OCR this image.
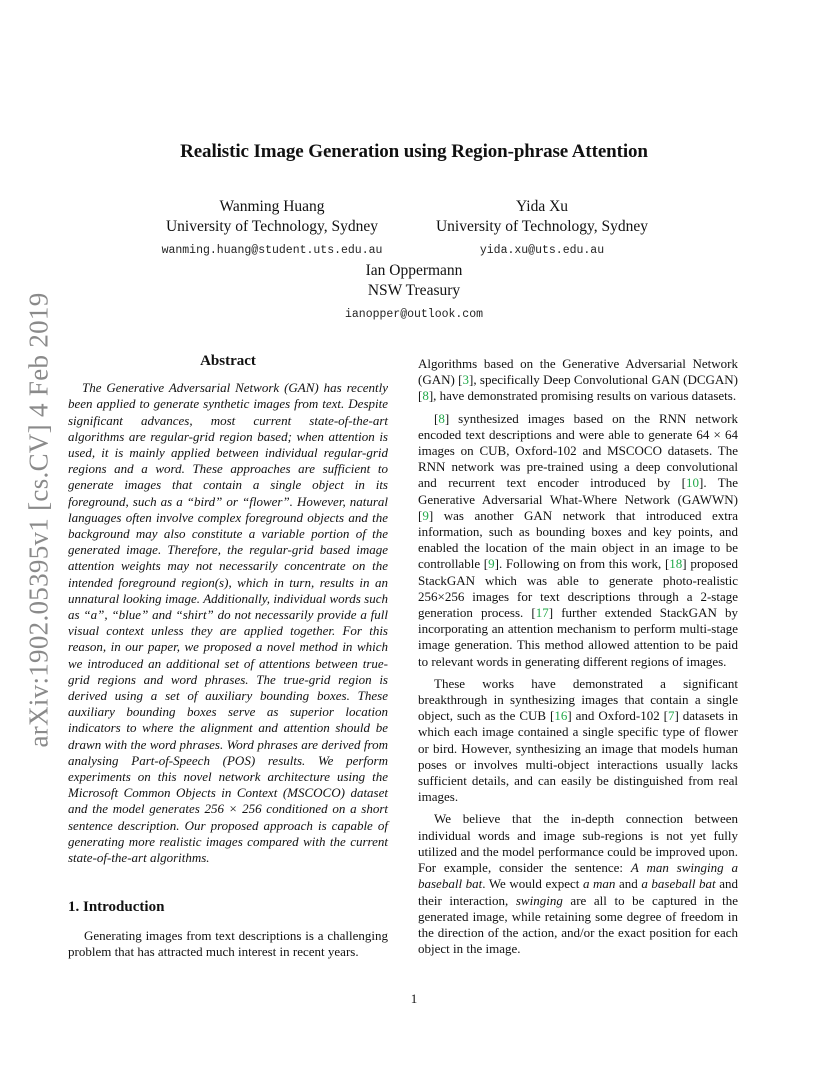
arXiv:1902.05395v1 [cs.CV] 4 Feb 2019
Realistic Image Generation using Region-phrase Attention
Wanming Huang
University of Technology, Sydney
wanming.huang@student.uts.edu.au
Yida Xu
University of Technology, Sydney
yida.xu@uts.edu.au
Ian Oppermann
NSW Treasury
ianopper@outlook.com
Abstract

The Generative Adversarial Network (GAN) has recently been applied to generate synthetic images from text. Despite significant advances, most current state-of-the-art algorithms are regular-grid region based; when attention is used, it is mainly applied between individual regular-grid regions and a word. These approaches are sufficient to generate images that contain a single object in its foreground, such as a “bird” or “flower”. However, natural languages often involve complex foreground objects and the background may also constitute a variable portion of the generated image. Therefore, the regular-grid based image attention weights may not necessarily concentrate on the intended foreground region(s), which in turn, results in an unnatural looking image. Additionally, individual words such as “a”, “blue” and “shirt” do not necessarily provide a full visual context unless they are applied together. For this reason, in our paper, we proposed a novel method in which we introduced an additional set of attentions between true-grid regions and word phrases. The true-grid region is derived using a set of auxiliary bounding boxes. These auxiliary bounding boxes serve as superior location indicators to where the alignment and attention should be drawn with the word phrases. Word phrases are derived from analysing Part-of-Speech (POS) results. We perform experiments on this novel network architecture using the Microsoft Common Objects in Context (MSCOCO) dataset and the model generates 256 × 256 conditioned on a short sentence description. Our proposed approach is capable of generating more realistic images compared with the current state-of-the-art algorithms.

1. Introduction

Generating images from text descriptions is a challenging problem that has attracted much interest in recent years.

Algorithms based on the Generative Adversarial Network (GAN) [3], specifically Deep Convolutional GAN (DCGAN) [8], have demonstrated promising results on various datasets.

[8] synthesized images based on the RNN network encoded text descriptions and were able to generate 64 × 64 images on CUB, Oxford-102 and MSCOCO datasets. The RNN network was pre-trained using a deep convolutional and recurrent text encoder introduced by [10]. The Generative Adversarial What-Where Network (GAWWN) [9] was another GAN network that introduced extra information, such as bounding boxes and key points, and enabled the location of the main object in an image to be controllable [9]. Following on from this work, [18] proposed StackGAN which was able to generate photo-realistic 256×256 images for text descriptions through a 2-stage generation process. [17] further extended StackGAN by incorporating an attention mechanism to perform multi-stage image generation. This method allowed attention to be paid to relevant words in generating different regions of images.

These works have demonstrated a significant breakthrough in synthesizing images that contain a single object, such as the CUB [16] and Oxford-102 [7] datasets in which each image contained a single specific type of flower or bird. However, synthesizing an image that models human poses or involves multi-object interactions usually lacks sufficient details, and can easily be distinguished from real images.

We believe that the in-depth connection between individual words and image sub-regions is not yet fully utilized and the model performance could be improved upon. For example, consider the sentence: A man swinging a baseball bat. We would expect a man and a baseball bat and their interaction, swinging are all to be captured in the generated image, while retaining some degree of freedom in the direction of the action, and/or the exact position for each object in the image.

1
